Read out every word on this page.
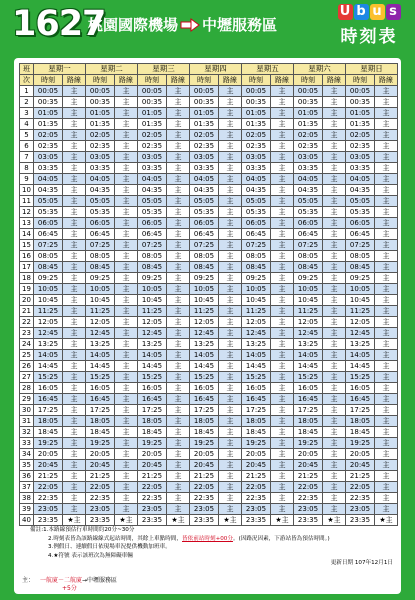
1627
桃園國際機場 中壢服務區
U b u s
時刻表
班	星期一		星期二		星期三		星期四		星期五		星期六		星期日	
次	時刻	路線	時刻	路線	時刻	路線	時刻	路線	時刻	路線	時刻	路線	時刻	路線
1	00:05	主	00:05	主	00:05	主	00:05	主	00:05	主	00:05	主	00:05	主
2	00:35	主	00:35	主	00:35	主	00:35	主	00:35	主	00:35	主	00:35	主
3	01:05	主	01:05	主	01:05	主	01:05	主	01:05	主	01:05	主	01:05	主
4	01:35	主	01:35	主	01:35	主	01:35	主	01:35	主	01:35	主	01:35	主
5	02:05	主	02:05	主	02:05	主	02:05	主	02:05	主	02:05	主	02:05	主
6	02:35	主	02:35	主	02:35	主	02:35	主	02:35	主	02:35	主	02:35	主
7	03:05	主	03:05	主	03:05	主	03:05	主	03:05	主	03:05	主	03:05	主
8	03:35	主	03:35	主	03:35	主	03:35	主	03:35	主	03:35	主	03:35	主
9	04:05	主	04:05	主	04:05	主	04:05	主	04:05	主	04:05	主	04:05	主
10	04:35	主	04:35	主	04:35	主	04:35	主	04:35	主	04:35	主	04:35	主
11	05:05	主	05:05	主	05:05	主	05:05	主	05:05	主	05:05	主	05:05	主
12	05:35	主	05:35	主	05:35	主	05:35	主	05:35	主	05:35	主	05:35	主
13	06:05	主	06:05	主	06:05	主	06:05	主	06:05	主	06:05	主	06:05	主
14	06:45	主	06:45	主	06:45	主	06:45	主	06:45	主	06:45	主	06:45	主
15	07:25	主	07:25	主	07:25	主	07:25	主	07:25	主	07:25	主	07:25	主
16	08:05	主	08:05	主	08:05	主	08:05	主	08:05	主	08:05	主	08:05	主
17	08:45	主	08:45	主	08:45	主	08:45	主	08:45	主	08:45	主	08:45	主
18	09:25	主	09:25	主	09:25	主	09:25	主	09:25	主	09:25	主	09:25	主
19	10:05	主	10:05	主	10:05	主	10:05	主	10:05	主	10:05	主	10:05	主
20	10:45	主	10:45	主	10:45	主	10:45	主	10:45	主	10:45	主	10:45	主
21	11:25	主	11:25	主	11:25	主	11:25	主	11:25	主	11:25	主	11:25	主
22	12:05	主	12:05	主	12:05	主	12:05	主	12:05	主	12:05	主	12:05	主
23	12:45	主	12:45	主	12:45	主	12:45	主	12:45	主	12:45	主	12:45	主
24	13:25	主	13:25	主	13:25	主	13:25	主	13:25	主	13:25	主	13:25	主
25	14:05	主	14:05	主	14:05	主	14:05	主	14:05	主	14:05	主	14:05	主
26	14:45	主	14:45	主	14:45	主	14:45	主	14:45	主	14:45	主	14:45	主
27	15:25	主	15:25	主	15:25	主	15:25	主	15:25	主	15:25	主	15:25	主
28	16:05	主	16:05	主	16:05	主	16:05	主	16:05	主	16:05	主	16:05	主
29	16:45	主	16:45	主	16:45	主	16:45	主	16:45	主	16:45	主	16:45	主
30	17:25	主	17:25	主	17:25	主	17:25	主	17:25	主	17:25	主	17:25	主
31	18:05	主	18:05	主	18:05	主	18:05	主	18:05	主	18:05	主	18:05	主
32	18:45	主	18:45	主	18:45	主	18:45	主	18:45	主	18:45	主	18:45	主
33	19:25	主	19:25	主	19:25	主	19:25	主	19:25	主	19:25	主	19:25	主
34	20:05	主	20:05	主	20:05	主	20:05	主	20:05	主	20:05	主	20:05	主
35	20:45	主	20:45	主	20:45	主	20:45	主	20:45	主	20:45	主	20:45	主
36	21:25	主	21:25	主	21:25	主	21:25	主	21:25	主	21:25	主	21:25	主
37	22:05	主	22:05	主	22:05	主	22:05	主	22:05	主	22:05	主	22:05	主
38	22:35	主	22:35	主	22:35	主	22:35	主	22:35	主	22:35	主	22:35	主
39	23:05	主	23:05	主	23:05	主	23:05	主	23:05	主	23:05	主	23:05	主
40	23:35	★主	23:35	★主	23:35	★主	23:35	★主	23:35	★主	23:35	★主	23:35	★主
主： 一航廈－二航廈→中壢服務區
+5分
備註:1.本路線預估行車時間約20分~30分
2.時刻表皆為該路線線式起站時間，其餘上車點時間，皆依前站時刻+00分。(因路況因素，下游站皆為預估時間。)
3.例假日、連續假日依現場車況提供機動加班車。
4.★符號 表示該班次為無障礙車輛
更新日期 107年12月1日
